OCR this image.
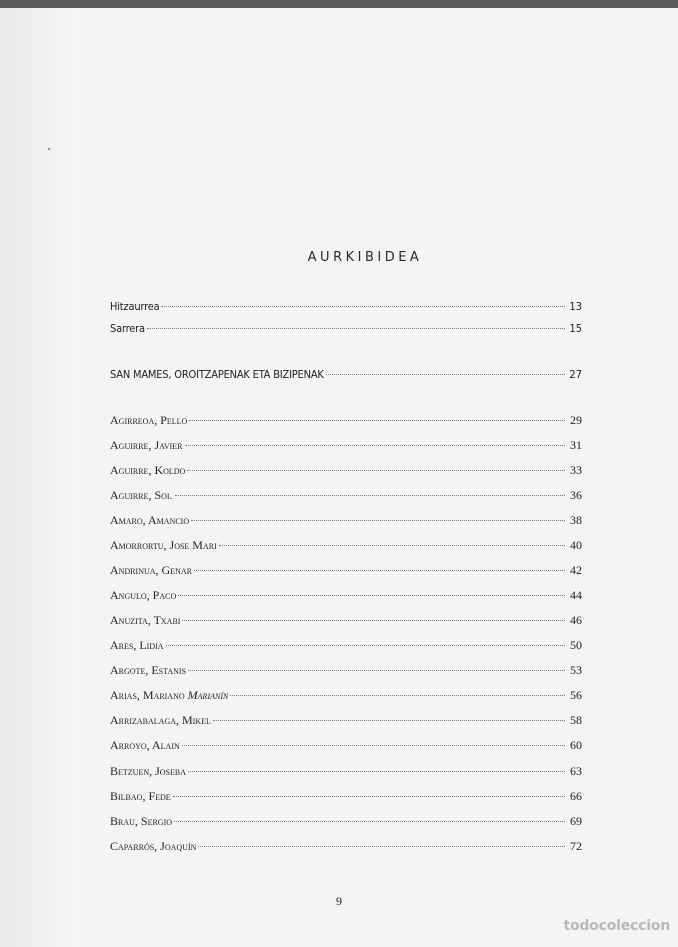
AURKIBIDEA
Hitzaurrea	13
Sarrera	15
SAN MAMES, OROITZAPENAK ETA BIZIPENAK	27
Agirreoa, Pello	29
Aguirre, Javier	31
Aguirre, Koldo	33
Aguirre, Soi.	36
Amaro, Amancio	38
Amorrortu, Jose Mari	40
Andrinua, Genar	42
Angulo, Paco	44
Anuzita, Txabi	46
Ares, Lidia	50
Argote, Estanis	53
Arias, Mariano Marianín	56
Arrizabalaga, Mikel	58
Arroyo, Alain	60
Betzuen, Joseba	63
Bilbao, Fede	66
Brau, Sergio	69
Caparrós, Joaquín	72
9
todocoleccion
